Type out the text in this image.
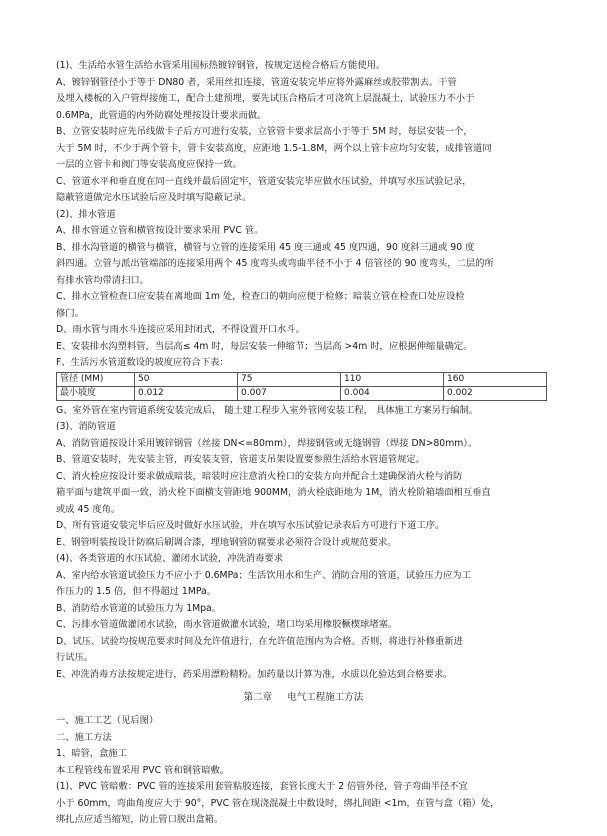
(1)、生活给水管生活给水管采用国标热镀锌钢管，按规定送检合格后方能使用。

A、镀锌钢管径小于等于 DN80 者，采用丝扣连接，管道安装完毕应将外露麻丝或胶带割去。干管

及埋入楼板的入户管焊接施工，配合土建预埋，要先试压合格后才可浇筑上层混凝土，试验压力不小于

0.6MPa，此管道的内外防腐处理按设计要求而做。

B、立管安装时应先吊线做卡子后方可进行安装，立管管卡要求层高小于等于 5M 时，每层安装一个，

大于 5M 时，不少于两个管卡，管卡安装高度，应距地 1.5-1.8M，两个以上管卡应均匀安装，成排管道同

一层的立管卡和阀门等安装高度应保持一致。

C、管道水平和垂直度在同一直线并最后固定牢，管道安装完毕应做水压试验，并填写水压试验记录，

隐蔽管道做完水压试验后应及时填写隐蔽记录。

(2)、排水管道

A、排水管道立管和横管按设计要求采用 PVC 管。

B、排水沟管道的横管与横管，横管与立管的连接采用 45 度三通或 45 度四通，90 度斜三通或 90 度

斜四通。立管与派出管端部的连接采用两个 45 度弯头或弯曲半径不小于 4 倍管径的 90 度弯头，二层的所

有排水管均带清扫口。

C、排水立管检查口应安装在离地面 1m 处，检查口的朝向应便于检修；暗装立管在检查口处应设检

修门。

D、雨水管与雨水斗连接应采用封闭式，不得设置开口水斗。

E、安装排水沟塑料管，当层高≤ 4m 时，每层安装一伸缩节；当层高 >4m 时，应根据伸缩量确定。

F、生活污水管道数设的坡度应符合下表：

管径 (MM)	50	75	110	160
最小坡度	0.012	0.007	0.004	0.002

G、室外管在室内管道系统安装完成后， 随土建工程步入室外管网安装工程， 具体施工方案另行编制。

(3)、消防管道

A、消防管道按设计采用镀锌钢管（丝接 DN<=80mm），焊接钢管或无缝钢管（焊接 DN>80mm）。

B、管道安装时，先安装主管，再安装支管，管道支吊架设置要参照生活给水管道管规定。

C、消火栓应按设计要求做成暗装，暗装时应注意消火栓口的安装方向并配合土建确保消火栓与消防

箱平面与建筑平面一致，消火栓下面横支管距地 900MM，消火栓底距地为 1M，消火栓阶箱墙面相互垂直

或成 45 度角。

D、所有管道安装完毕后应及时做好水压试验，并在填写水压试验记录表后方可进行下道工序。

E、钢管明装按设计防腐后刷调合漆，埋地钢管防腐要求必须符合设计或规范要求。

(4)、各类管道的水压试验、灌闭水试验，冲洗消毒要求

A、室内给水管道试验压力不应小于 0.6MPa；生活饮用水和生产、消防合用的管道，试验压力应为工

作压力的 1.5 倍，但不得超过 1MPa。

B、消防给水管道的试验压力为 1Mpa。

C、污排水管道做灌闭水试验，雨水管道做灌水试验，堵口均采用橡胶橛楔球堵塞。

D、试压、试验均按规范要求时间及允许值进行，在允许值范围内为合格。否则，将进行补修重新进

行试压。

E、冲洗消毒方法按规定进行，药采用漂粉精粉。加药量以计算为准，水质以化验达到合格要求。

第二章 电气工程施工方法

一、施工工艺（见后图）

二、施工方法

1、暗管，盒施工

本工程管线布置采用 PVC 管和钢管暗敷。

(1)、PVC 管暗敷：PVC 管的连接采用套管粘胶连接，套管长度大于 2 倍管外径，管子弯曲半径不宜

小于 60mm，弯曲角度应大于 90°，PVC 管在现浇混凝土中数设时，绑扎间距 <1m，在管与盒（箱）处，

绑扎点应适当缩短，防止管口脱出盒箱。
